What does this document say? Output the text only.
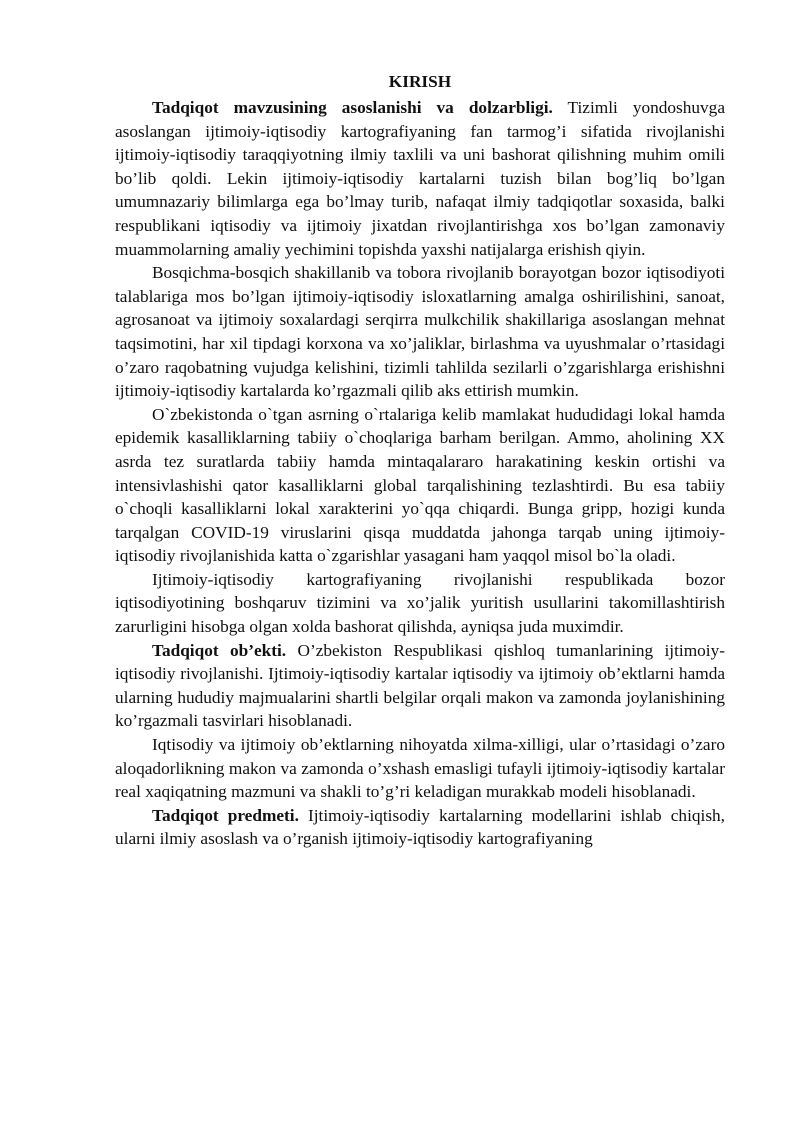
KIRISH

Tadqiqot mavzusining asoslanishi va dolzarbligi. Tizimli yondoshuvga asoslangan ijtimoiy-iqtisodiy kartografiyaning fan tarmog’i sifatida rivojlanishi ijtimoiy-iqtisodiy taraqqiyotning ilmiy taxlili va uni bashorat qilishning muhim omili bo’lib qoldi. Lekin ijtimoiy-iqtisodiy kartalarni tuzish bilan bog’liq bo’lgan umumnazariy bilimlarga ega bo’lmay turib, nafaqat ilmiy tadqiqotlar soxasida, balki respublikani iqtisodiy va ijtimoiy jixatdan rivojlantirishga xos bo’lgan zamonaviy muammolarning amaliy yechimini topishda yaxshi natijalarga erishish qiyin.

Bosqichma-bosqich shakillanib va tobora rivojlanib borayotgan bozor iqtisodiyoti talablariga mos bo’lgan ijtimoiy-iqtisodiy isloxatlarning amalga oshirilishini, sanoat, agrosanoat va ijtimoiy soxalardagi serqirra mulkchilik shakillariga asoslangan mehnat taqsimotini, har xil tipdagi korxona va xo’jaliklar, birlashma va uyushmalar o’rtasidagi o’zaro raqobatning vujudga kelishini, tizimli tahlilda sezilarli o’zgarishlarga erishishni ijtimoiy-iqtisodiy kartalarda ko’rgazmali qilib aks ettirish mumkin.

O`zbekistonda o`tgan asrning o`rtalariga kelib mamlakat hududidagi lokal hamda epidemik kasalliklarning tabiiy o`choqlariga barham berilgan. Ammo, aholining XX asrda tez suratlarda tabiiy hamda mintaqalararo harakatining keskin ortishi va intensivlashishi qator kasalliklarni global tarqalishining tezlashtirdi. Bu esa tabiiy o`choqli kasalliklarni lokal xarakterini yo`qqa chiqardi. Bunga gripp, hozigi kunda tarqalgan COVID-19 viruslarini qisqa muddatda jahonga tarqab uning ijtimoiy-iqtisodiy rivojlanishida katta o`zgarishlar yasagani ham yaqqol misol bo`la oladi.

Ijtimoiy-iqtisodiy kartografiyaning rivojlanishi respublikada bozor iqtisodiyotining boshqaruv tizimini va xo’jalik yuritish usullarini takomillashtirish zarurligini hisobga olgan xolda bashorat qilishda, ayniqsa juda muximdir.

Tadqiqot ob’ekti. O’zbekiston Respublikasi qishloq tumanlarining ijtimoiy-iqtisodiy rivojlanishi. Ijtimoiy-iqtisodiy kartalar iqtisodiy va ijtimoiy ob’ektlarni hamda ularning hududiy majmualarini shartli belgilar orqali makon va zamonda joylanishining ko’rgazmali tasvirlari hisoblanadi.

Iqtisodiy va ijtimoiy ob’ektlarning nihoyatda xilma-xilligi, ular o’rtasidagi o’zaro aloqadorlikning makon va zamonda o’xshash emasligi tufayli ijtimoiy-iqtisodiy kartalar real xaqiqatning mazmuni va shakli to’g’ri keladigan murakkab modeli hisoblanadi.

Tadqiqot predmeti. Ijtimoiy-iqtisodiy kartalarning modellarini ishlab chiqish, ularni ilmiy asoslash va o’rganish ijtimoiy-iqtisodiy kartografiyaning
